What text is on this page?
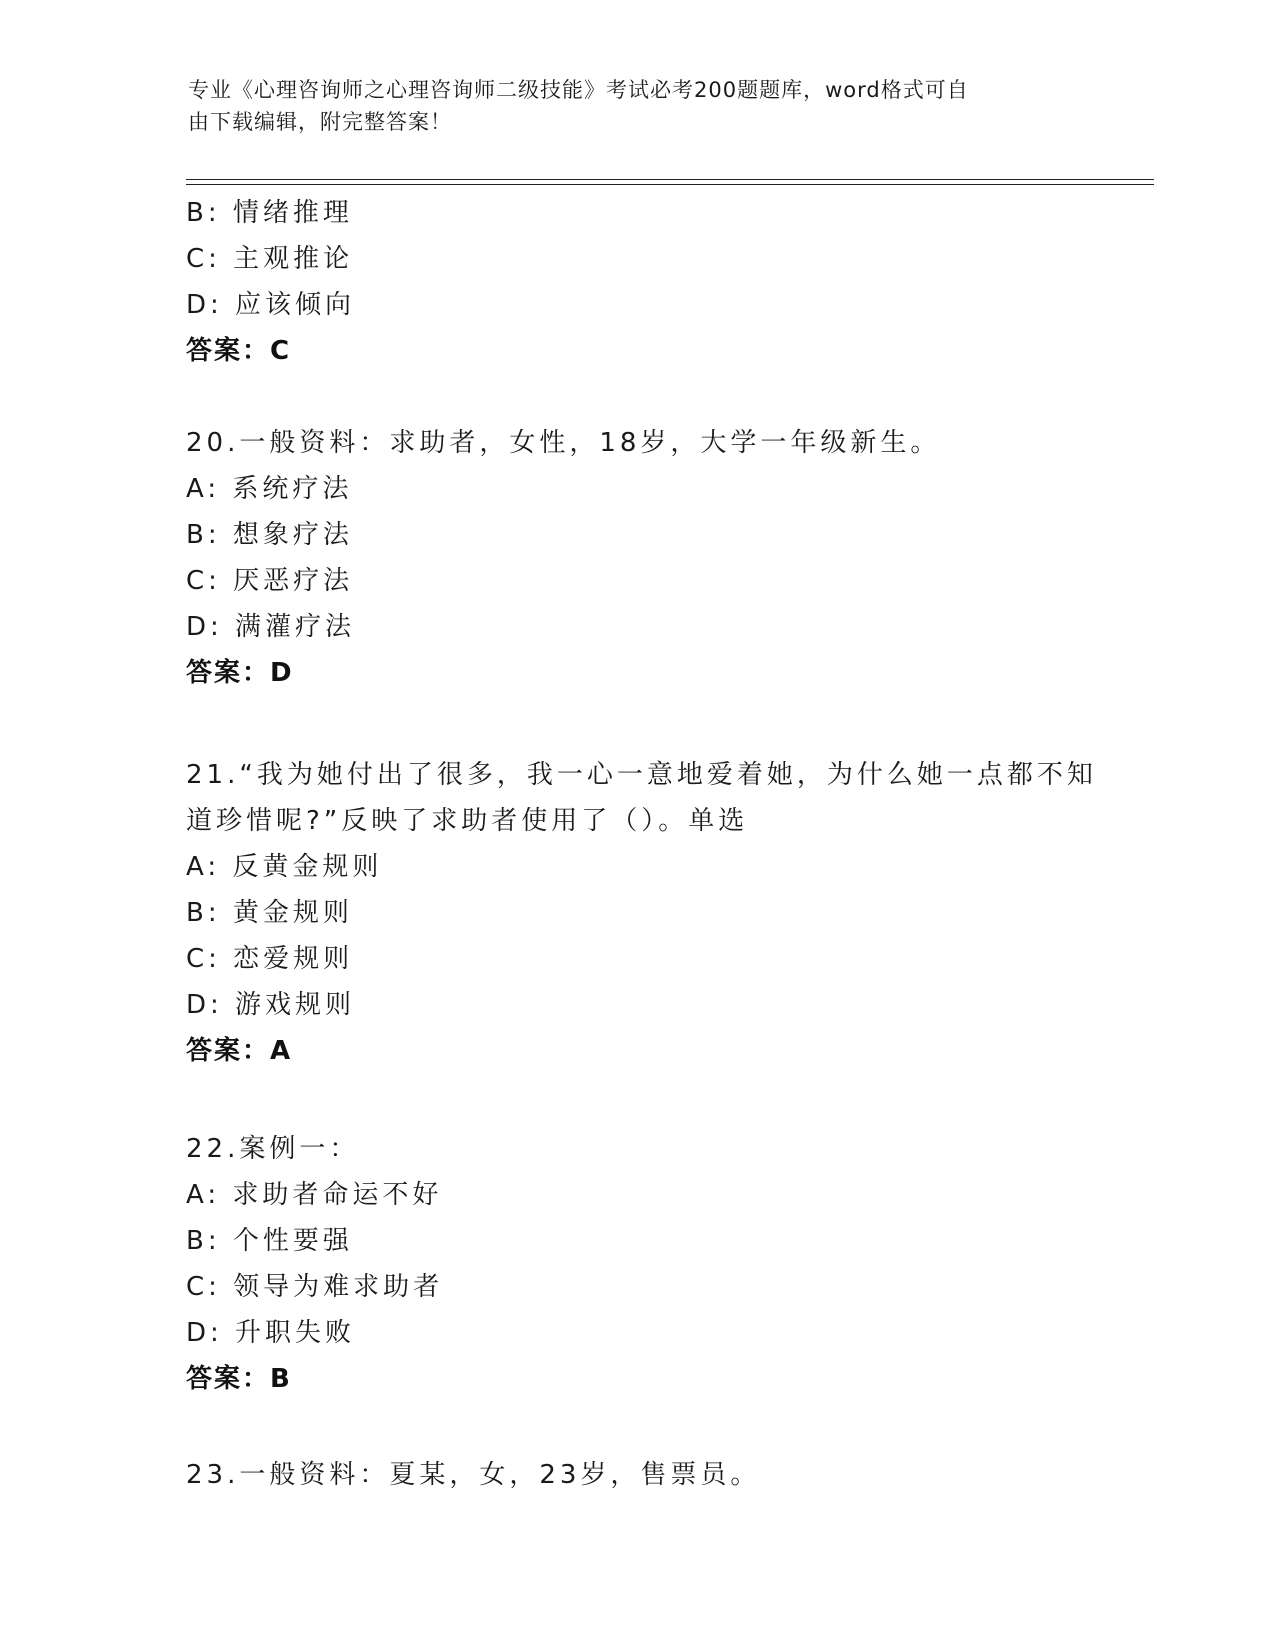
专业《心理咨询师之心理咨询师二级技能》考试必考200题题库，word格式可自
由下载编辑，附完整答案！
B: 情绪推理
C: 主观推论
D: 应该倾向
答案：C
20.一般资料：求助者，女性，18岁，大学一年级新生。
A: 系统疗法
B: 想象疗法
C: 厌恶疗法
D: 满灌疗法
答案：D
21.“我为她付出了很多，我一心一意地爱着她，为什么她一点都不知
道珍惜呢?”反映了求助者使用了（）。单选
A: 反黄金规则
B: 黄金规则
C: 恋爱规则
D: 游戏规则
答案：A
22.案例一：
A: 求助者命运不好
B: 个性要强
C: 领导为难求助者
D: 升职失败
答案：B
23.一般资料：夏某，女，23岁，售票员。
